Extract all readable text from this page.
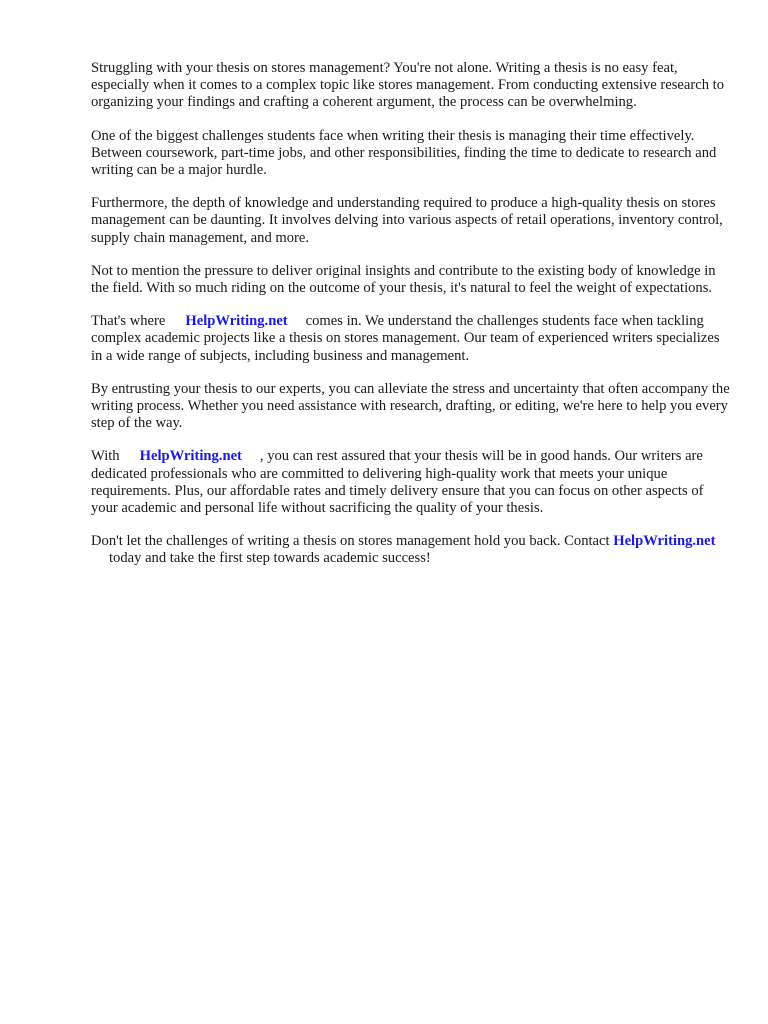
Struggling with your thesis on stores management? You're not alone. Writing a thesis is no easy feat, especially when it comes to a complex topic like stores management. From conducting extensive research to organizing your findings and crafting a coherent argument, the process can be overwhelming.

One of the biggest challenges students face when writing their thesis is managing their time effectively. Between coursework, part-time jobs, and other responsibilities, finding the time to dedicate to research and writing can be a major hurdle.

Furthermore, the depth of knowledge and understanding required to produce a high-quality thesis on stores management can be daunting. It involves delving into various aspects of retail operations, inventory control, supply chain management, and more.

Not to mention the pressure to deliver original insights and contribute to the existing body of knowledge in the field. With so much riding on the outcome of your thesis, it's natural to feel the weight of expectations.

That's where HelpWriting.net comes in. We understand the challenges students face when tackling complex academic projects like a thesis on stores management. Our team of experienced writers specializes in a wide range of subjects, including business and management.

By entrusting your thesis to our experts, you can alleviate the stress and uncertainty that often accompany the writing process. Whether you need assistance with research, drafting, or editing, we're here to help you every step of the way.

With HelpWriting.net , you can rest assured that your thesis will be in good hands. Our writers are dedicated professionals who are committed to delivering high-quality work that meets your unique requirements. Plus, our affordable rates and timely delivery ensure that you can focus on other aspects of your academic and personal life without sacrificing the quality of your thesis.

Don't let the challenges of writing a thesis on stores management hold you back. Contact HelpWriting.nettoday and take the first step towards academic success!
